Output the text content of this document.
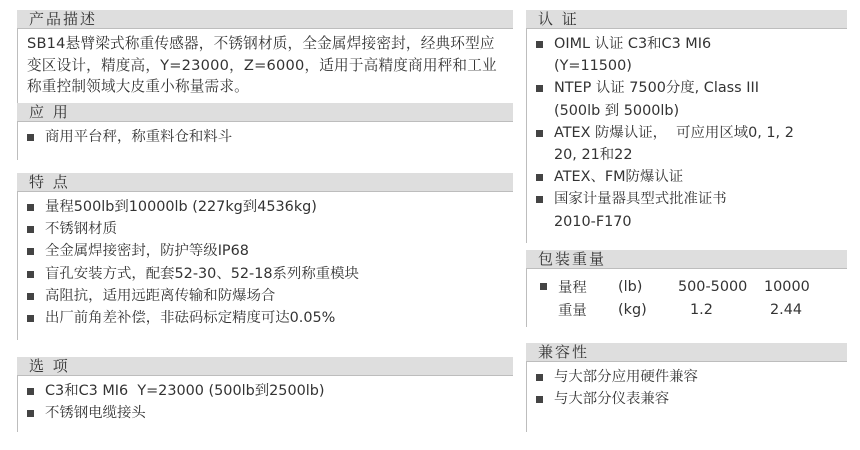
产品描述
SB14悬臂梁式称重传感器，不锈钢材质，全金属焊接密封，经典环型应变区设计，精度高，Y=23000，Z=6000，适用于高精度商用秤和工业称重控制领域大皮重小称量需求。
应 用
商用平台秤，称重料仓和料斗
特 点
量程500lb到10000lb (227kg到4536kg)
不锈钢材质
全金属焊接密封，防护等级IP68
盲孔安装方式，配套52-30、52-18系列称重模块
高阻抗，适用远距离传输和防爆场合
出厂前角差补偿，非砝码标定精度可达0.05%
选 项
C3和C3 MI6  Y=23000 (500lb到2500lb)
不锈钢电缆接头
认 证
OIML 认证 C3和C3 MI6
(Y=11500)
NTEP 认证 7500分度, Class III
(500lb 到 5000lb)
ATEX 防爆认证，  可应用区域0, 1, 2
20, 21和22
ATEX、FM防爆认证
国家计量器具型式批准证书
2010-F170
包装重量
量程	(lb)	500-5000	10000
重量	(kg)	1.2	2.44
兼容性
与大部分应用硬件兼容
与大部分仪表兼容
